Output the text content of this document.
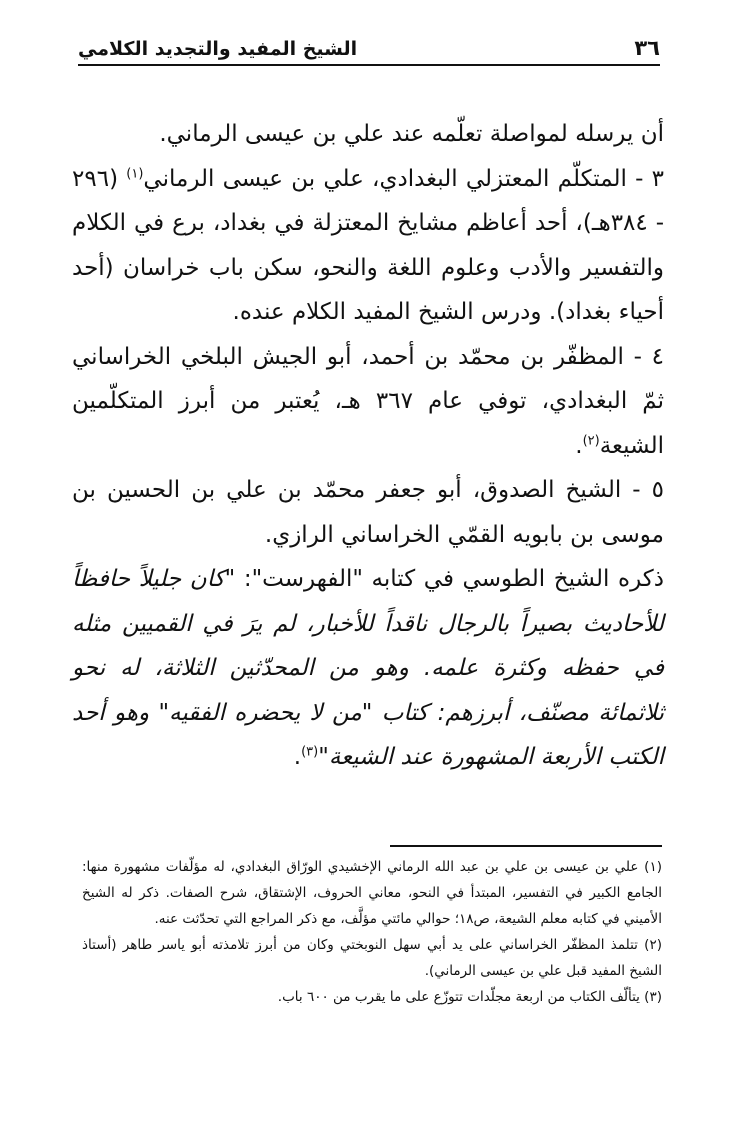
٣٦
الشيخ المفيد والتجديد الكلامي

أن يرسله لمواصلة تعلّمه عند علي بن عيسى الرماني.

٣ - المتكلّم المعتزلي البغدادي، علي بن عيسى الرماني$^{(١)}$ (٢٩٦ - ٣٨٤هـ)، أحد أعاظم مشايخ المعتزلة في بغداد، برع في الكلام والتفسير والأدب وعلوم اللغة والنحو، سكن باب خراسان (أحد أحياء بغداد). ودرس الشيخ المفيد الكلام عنده.

٤ - المظفّر بن محمّد بن أحمد، أبو الجيش البلخي الخراساني ثمّ البغدادي، توفي عام ٣٦٧ هـ، يُعتبر من أبرز المتكلّمين الشيعة$^{(٢)}$.

٥ - الشيخ الصدوق، أبو جعفر محمّد بن علي بن الحسين بن موسى بن بابويه القمّي الخراساني الرازي.

ذكره الشيخ الطوسي في كتابه "الفهرست": "كان جليلاً حافظاً للأحاديث بصيراً بالرجال ناقداً للأخبار، لم يرَ في القميين مثله في حفظه وكثرة علمه. وهو من المحدّثين الثلاثة، له نحو ثلاثمائة مصنّف، أبرزهم: كتاب "من لا يحضره الفقيه" وهو أحد الكتب الأربعة المشهورة عند الشيعة"$^{(٣)}$.

(١) علي بن عيسى بن علي بن عبد الله الرماني الإخشيدي الورّاق البغدادي، له مؤلّفات مشهورة منها: الجامع الكبير في التفسير، المبتدأ في النحو، معاني الحروف، الإشتقاق، شرح الصفات. ذكر له الشيخ الأميني في كتابه معلم الشيعة، ص١٨؛ حوالي مائتي مؤلَّف، مع ذكر المراجع التي تحدّثت عنه.

(٢) تتلمذ المظفّر الخراساني على يد أبي سهل النوبختي وكان من أبرز تلامذته أبو ياسر طاهر (أستاذ الشيخ المفيد قبل علي بن عيسى الرماني).

(٣) يتألّف الكتاب من اربعة مجلّدات تتوزّع على ما يقرب من ٦٠٠ باب.
